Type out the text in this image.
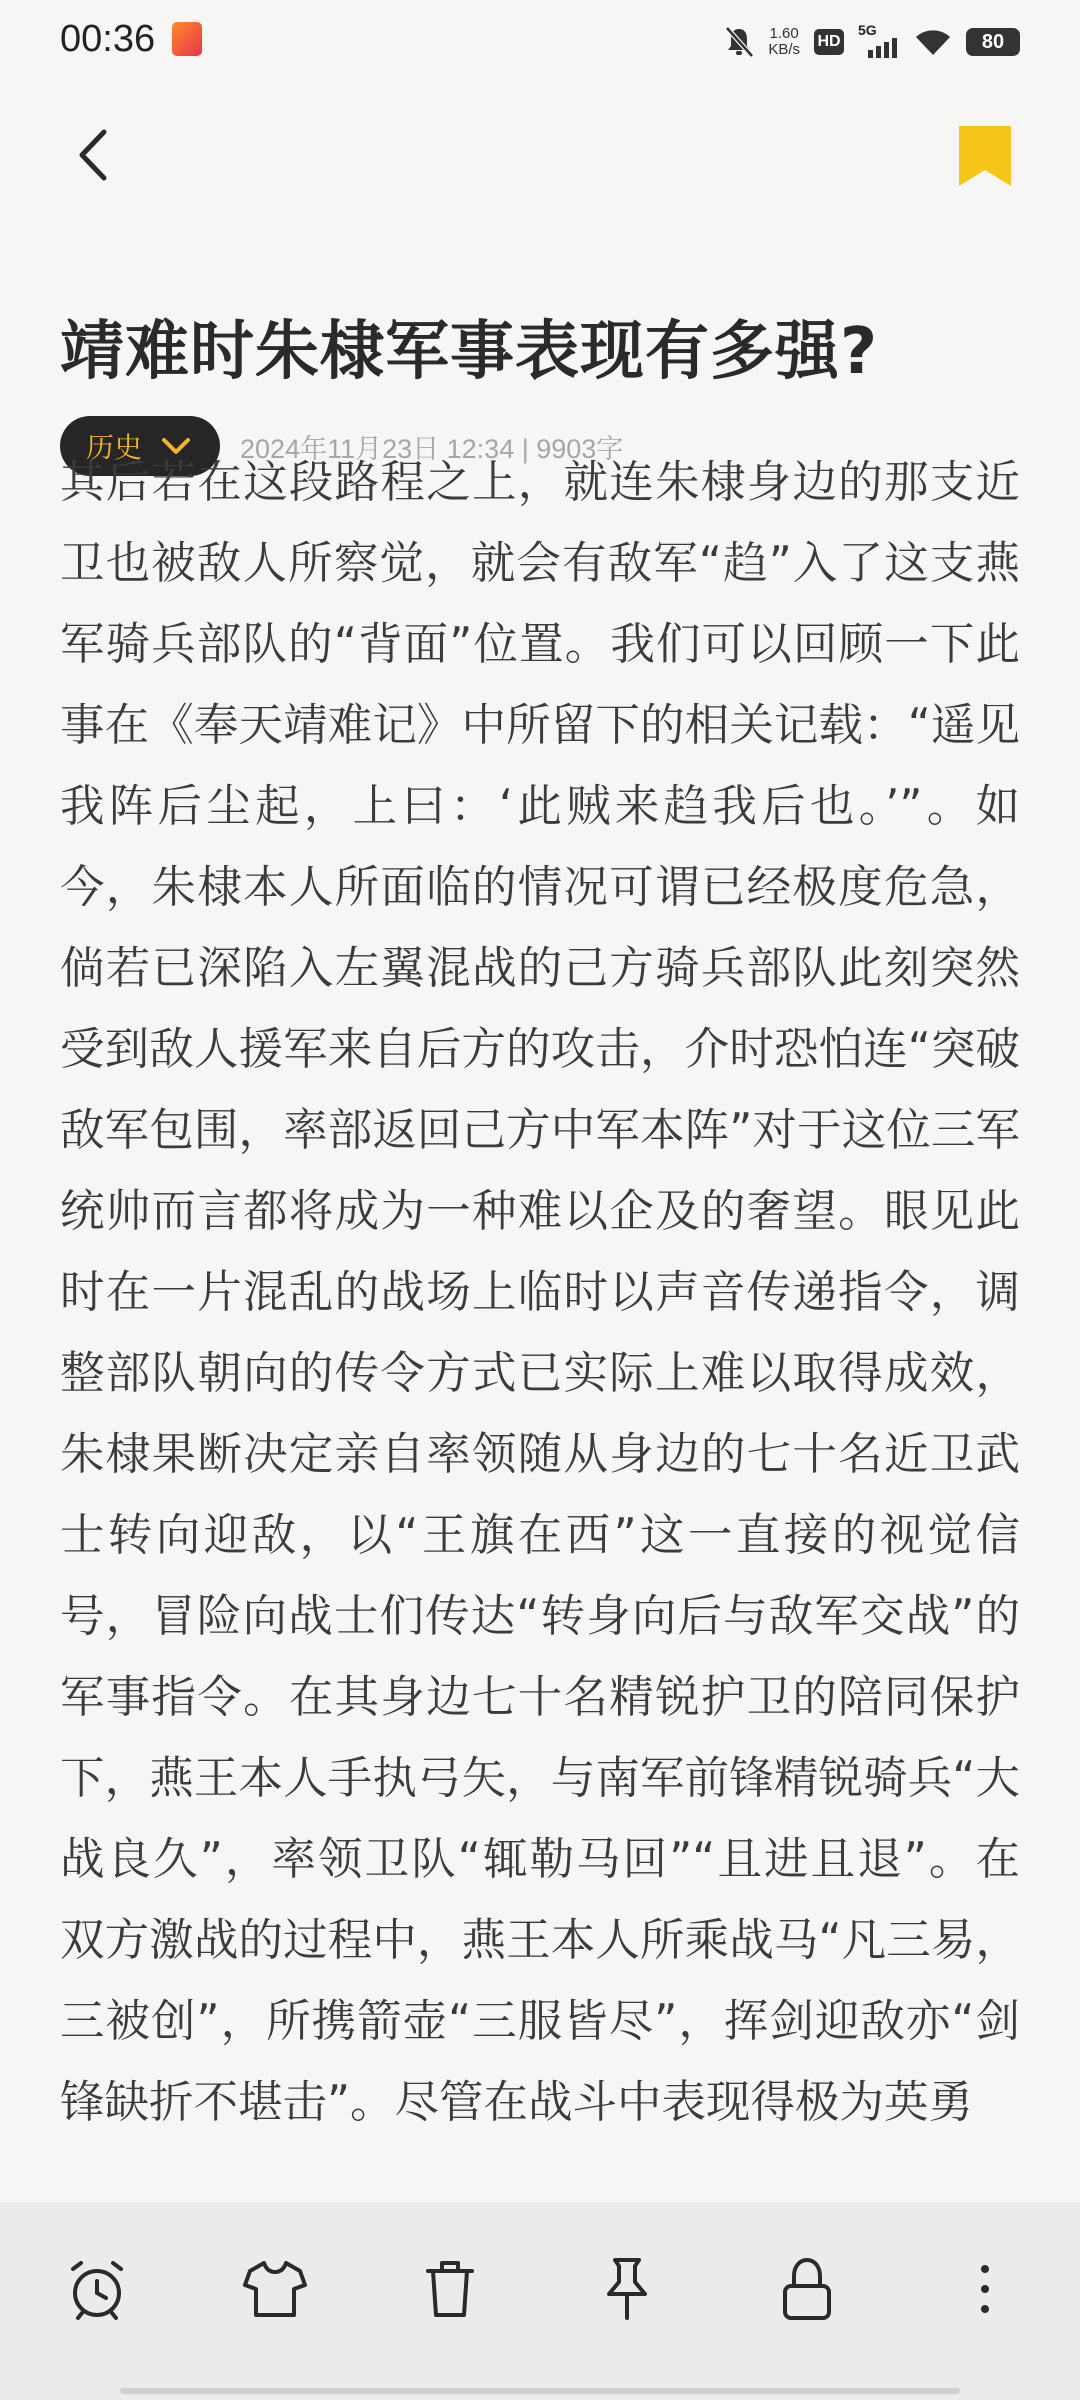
00:36	1.60
KB/s HD
5G
80
靖难时朱棣军事表现有多强?
历史	2024年11月23日 12:34 | 9903字

其后若在这段路程之上，就连朱棣身边的那支近卫也被敌人所察觉，就会有敌军“趋”入了这支燕军骑兵部队的“背面”位置。我们可以回顾一下此事在《奉天靖难记》中所留下的相关记载：“遥见我阵后尘起，上曰：‘此贼来趋我后也。’”。如今，朱棣本人所面临的情况可谓已经极度危急，倘若已深陷入左翼混战的己方骑兵部队此刻突然受到敌人援军来自后方的攻击，介时恐怕连“突破敌军包围，率部返回己方中军本阵”对于这位三军统帅而言都将成为一种难以企及的奢望。眼见此时在一片混乱的战场上临时以声音传递指令，调整部队朝向的传令方式已实际上难以取得成效，朱棣果断决定亲自率领随从身边的七十名近卫武士转向迎敌，以“王旗在西”这一直接的视觉信号，冒险向战士们传达“转身向后与敌军交战”的军事指令。在其身边七十名精锐护卫的陪同保护下，燕王本人手执弓矢，与南军前锋精锐骑兵“大战良久”，率领卫队“辄勒马回”“且进且退”。在双方激战的过程中，燕王本人所乘战马“凡三易，三被创”，所携箭壶“三服皆尽”，挥剑迎敌亦“剑锋缺折不堪击”。尽管在战斗中表现得极为英勇
